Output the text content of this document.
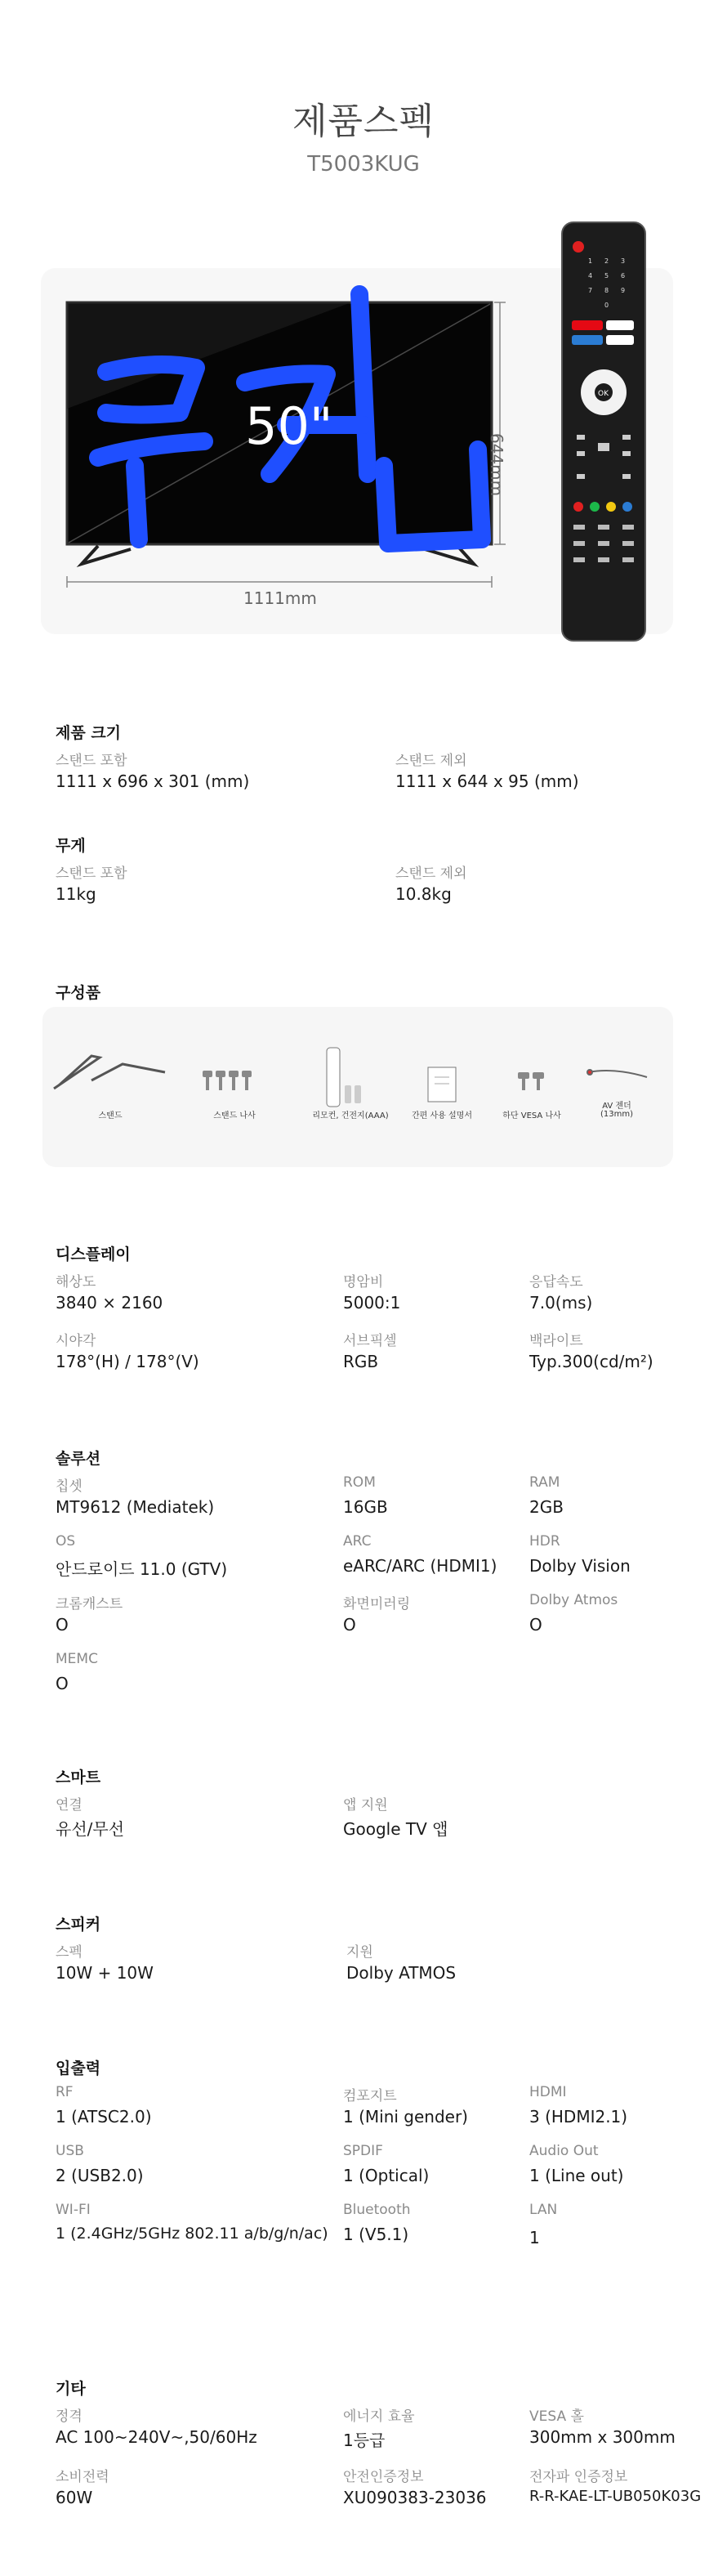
제품스펙
T5003KUG
50"
1111mm
644mm
1 2 3
4 5 6
7 8 9
0
OK
제품 크기
스탠드 포함
1111 x 696 x 301 (mm)
스탠드 제외
1111 x 644 x 95 (mm)
무게
스탠드 포함
11kg
스탠드 제외
10.8kg
구성품
스탠드	스탠드 나사	리모컨, 건전지(AAA)	간편 사용 설명서	하단 VESA 나사
AV 젠더
(13mm)
디스플레이
해상도
3840 × 2160
명암비
5000:1
응답속도
7.0(ms)
시야각
178°(H) / 178°(V)
서브픽셀
RGB
백라이트
Typ.300(cd/m²)
솔루션
칩셋
MT9612 (Mediatek)
ROM
16GB
RAM
2GB
OS
안드로이드 11.0 (GTV)
ARC
eARC/ARC (HDMI1)
HDR
Dolby Vision
크롬캐스트
O
화면미러링
O
Dolby Atmos
O
MEMC
O
스마트
연결
유선/무선
앱 지원
Google TV 앱
스피커
스펙
10W + 10W
지원
Dolby ATMOS
입출력
RF
1 (ATSC2.0)
컴포지트
1 (Mini gender)
HDMI
3 (HDMI2.1)
USB
2 (USB2.0)
SPDIF
1 (Optical)
Audio Out
1 (Line out)
WI-FI
1 (2.4GHz/5GHz 802.11 a/b/g/n/ac)
Bluetooth
1 (V5.1)
LAN
1
기타
정격
AC 100~240V~,50/60Hz
에너지 효율
1등급
VESA 홀
300mm x 300mm
소비전력
60W
안전인증정보
XU090383-23036
전자파 인증정보
R-R-KAE-LT-UB050K03G
